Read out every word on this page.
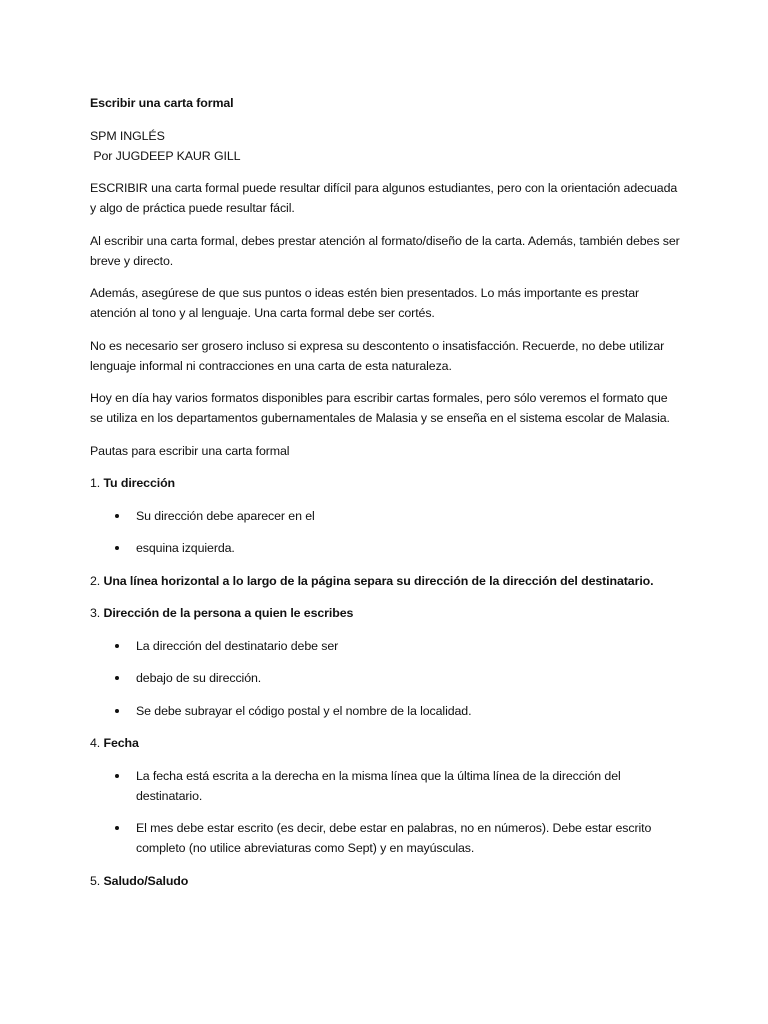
Escribir una carta formal
SPM INGLÉS
Por JUGDEEP KAUR GILL
ESCRIBIR una carta formal puede resultar difícil para algunos estudiantes, pero con la orientación adecuada y algo de práctica puede resultar fácil.
Al escribir una carta formal, debes prestar atención al formato/diseño de la carta. Además, también debes ser breve y directo.
Además, asegúrese de que sus puntos o ideas estén bien presentados. Lo más importante es prestar atención al tono y al lenguaje. Una carta formal debe ser cortés.
No es necesario ser grosero incluso si expresa su descontento o insatisfacción. Recuerde, no debe utilizar lenguaje informal ni contracciones en una carta de esta naturaleza.
Hoy en día hay varios formatos disponibles para escribir cartas formales, pero sólo veremos el formato que se utiliza en los departamentos gubernamentales de Malasia y se enseña en el sistema escolar de Malasia.
Pautas para escribir una carta formal
1. Tu dirección
Su dirección debe aparecer en el
esquina izquierda.
2. Una línea horizontal a lo largo de la página separa su dirección de la dirección del destinatario.
3. Dirección de la persona a quien le escribes
La dirección del destinatario debe ser
debajo de su dirección.
Se debe subrayar el código postal y el nombre de la localidad.
4. Fecha
La fecha está escrita a la derecha en la misma línea que la última línea de la dirección del destinatario.
El mes debe estar escrito (es decir, debe estar en palabras, no en números). Debe estar escrito completo (no utilice abreviaturas como Sept) y en mayúsculas.
5. Saludo/Saludo
